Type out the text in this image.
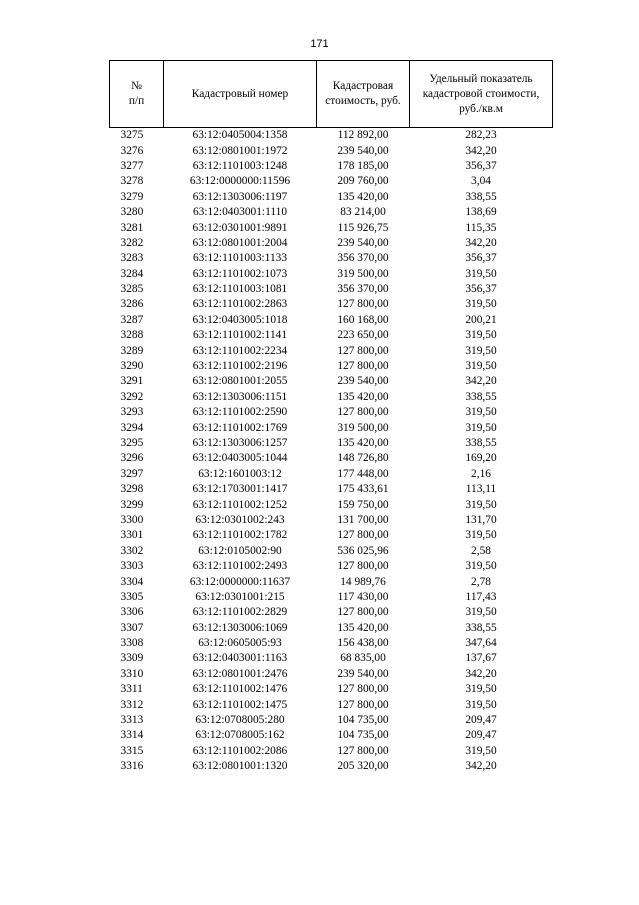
171
№
п/п	Кадастровый номер	Кадастровая стоимость, руб.	Удельный показатель кадастровой стоимости, руб./кв.м
3275	63:12:0405004:1358	112 892,00	282,23
3276	63:12:0801001:1972	239 540,00	342,20
3277	63:12:1101003:1248	178 185,00	356,37
3278	63:12:0000000:11596	209 760,00	3,04
3279	63:12:1303006:1197	135 420,00	338,55
3280	63:12:0403001:1110	83 214,00	138,69
3281	63:12:0301001:9891	115 926,75	115,35
3282	63:12:0801001:2004	239 540,00	342,20
3283	63:12:1101003:1133	356 370,00	356,37
3284	63:12:1101002:1073	319 500,00	319,50
3285	63:12:1101003:1081	356 370,00	356,37
3286	63:12:1101002:2863	127 800,00	319,50
3287	63:12:0403005:1018	160 168,00	200,21
3288	63:12:1101002:1141	223 650,00	319,50
3289	63:12:1101002:2234	127 800,00	319,50
3290	63:12:1101002:2196	127 800,00	319,50
3291	63:12:0801001:2055	239 540,00	342,20
3292	63:12:1303006:1151	135 420,00	338,55
3293	63:12:1101002:2590	127 800,00	319,50
3294	63:12:1101002:1769	319 500,00	319,50
3295	63:12:1303006:1257	135 420,00	338,55
3296	63:12:0403005:1044	148 726,80	169,20
3297	63:12:1601003:12	177 448,00	2,16
3298	63:12:1703001:1417	175 433,61	113,11
3299	63:12:1101002:1252	159 750,00	319,50
3300	63:12:0301002:243	131 700,00	131,70
3301	63:12:1101002:1782	127 800,00	319,50
3302	63:12:0105002:90	536 025,96	2,58
3303	63:12:1101002:2493	127 800,00	319,50
3304	63:12:0000000:11637	14 989,76	2,78
3305	63:12:0301001:215	117 430,00	117,43
3306	63:12:1101002:2829	127 800,00	319,50
3307	63:12:1303006:1069	135 420,00	338,55
3308	63:12:0605005:93	156 438,00	347,64
3309	63:12:0403001:1163	68 835,00	137,67
3310	63:12:0801001:2476	239 540,00	342,20
3311	63:12:1101002:1476	127 800,00	319,50
3312	63:12:1101002:1475	127 800,00	319,50
3313	63:12:0708005:280	104 735,00	209,47
3314	63:12:0708005:162	104 735,00	209,47
3315	63:12:1101002:2086	127 800,00	319,50
3316	63:12:0801001:1320	205 320,00	342,20
